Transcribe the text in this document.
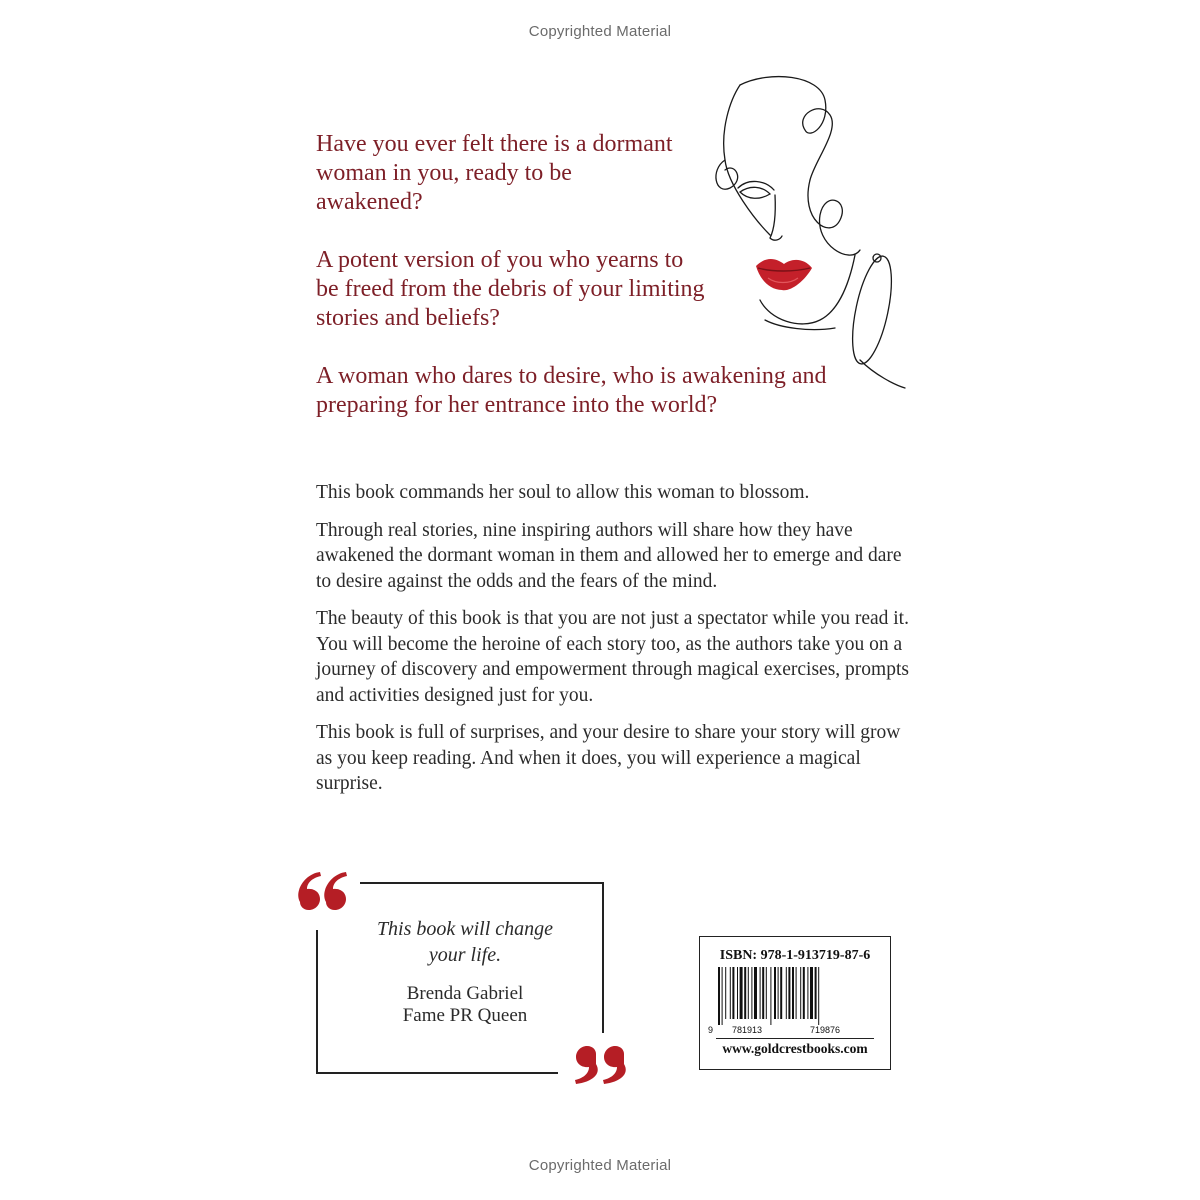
Copyrighted Material

Have you ever felt there is a dormant woman in you, ready to be awakened?

A potent version of you who yearns to be freed from the debris of your limiting stories and beliefs?

A woman who dares to desire, who is awakening and preparing for her entrance into the world?

This book commands her soul to allow this woman to blossom.

Through real stories, nine inspiring authors will share how they have awakened the dormant woman in them and allowed her to emerge and dare to desire against the odds and the fears of the mind.

The beauty of this book is that you are not just a spectator while you read it. You will become the heroine of each story too, as the authors take you on a journey of discovery and empowerment through magical exercises, prompts and activities designed just for you.

This book is full of surprises, and your desire to share your story will grow as you keep reading. And when it does, you will experience a magical surprise.

This book will change
your life.
Brenda Gabriel
Fame PR Queen
ISBN: 978-1-913719-87-6
9 781913	719876
www.goldcrestbooks.com
Copyrighted Material
